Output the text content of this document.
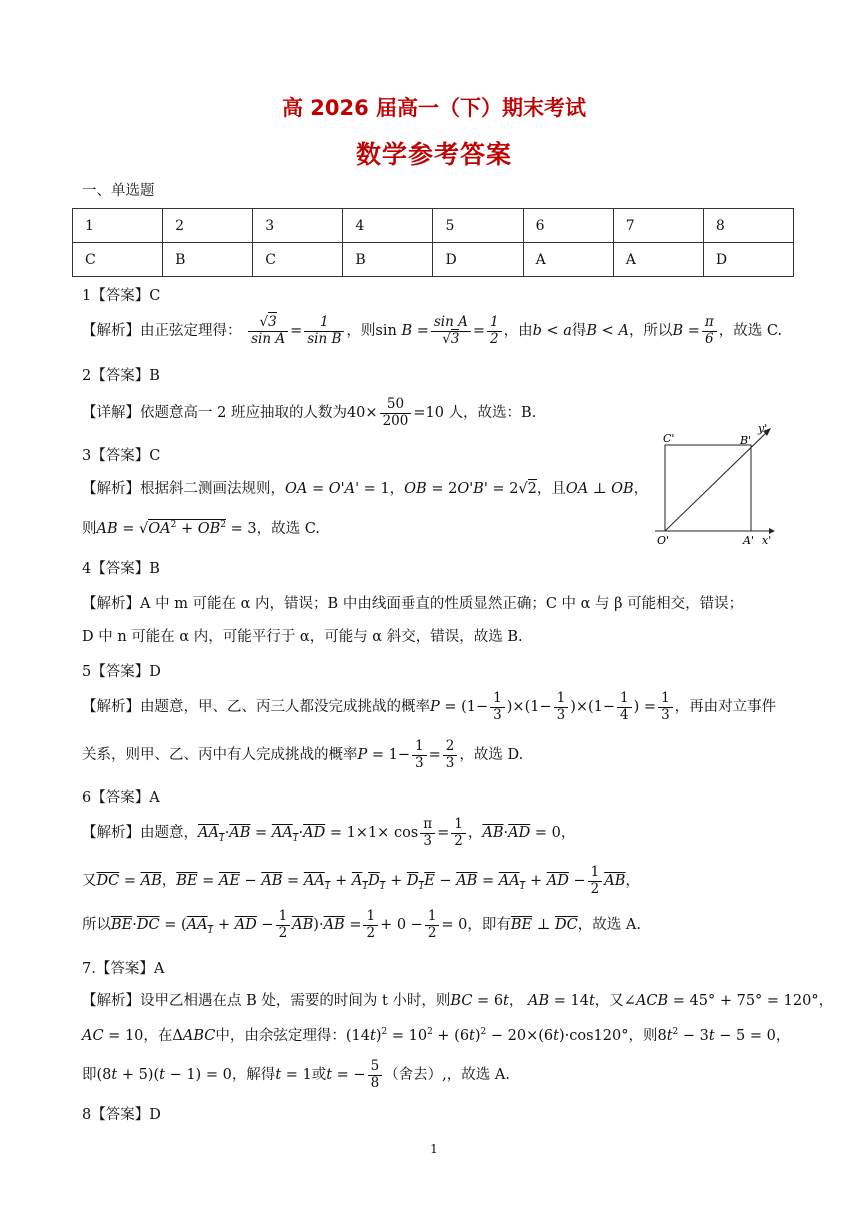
高 2026 届高一（下）期末考试
数学参考答案
一、单选题
1	2	3	4	5	6	7	8
C	B	C	B	D	A	A	D
1【答案】C
【解析】由正弦定理得： $\frac{√3}{\text{sin A}} = \frac{1}{\text{sin B}}$ ，则$\sin B = \frac{\text{sin A}}{√3} = \frac{1}{2}$ ，由b < a得B < A，所以$B = \frac{\pi}{6}$ ，故选 C.
2【答案】B
【详解】依题意高一 2 班应抽取的人数为$40\times \frac{50}{200} =10$ 人，故选：B.
3【答案】C
【解析】根据斜二测画法规则，OA = O'A' = 1，OB = 2O'B' = 2√2，且OA ⊥ OB，
则AB = $√OA^2 + OB^2 = 3$，故选 C.
C'	B'
y'
O'	A' x'
4【答案】B
【解析】A 中 m 可能在 α 内，错误；B 中由线面垂直的性质显然正确；C 中 α 与 β 可能相交，错误；
D 中 n 可能在 α 内，可能平行于 α，可能与 α 斜交，错误，故选 B.
5【答案】D
【解析】由题意，甲、乙、丙三人都没完成挑战的概率$P = (1- \frac{1}{3} )\times(1- \frac{1}{3} )\times(1- \frac{1}{4}$ ) = $\frac{1}{3}$ ，再由对立事件
关系，则甲、乙、丙中有人完成挑战的概率$P = 1- \frac{1}{3} = \frac{2}{3}$ ，故选 D.
6【答案】A
【解析】由题意，$AA_1\cdot\overline{AB} = AA_1\cdot\overline{AD} = 1\times 1\times \cos \frac{\pi}{3} = \frac{1}{2}$ ，$\overline{AB}\cdot\overline{AD} = 0$，
又$\overline{DC} = \overline{AB}$，$\overline{BE} = \overline{AE} - \overline{AB} = AA_1 + A_1D_1 + D_1E - \overline{AB} = AA_1 + \overline{AD} - \frac{1}{2} \overline{AB}$，
所以$\overline{BE}\cdot\overline{DC} = (AA_1 + \overline{AD} - \frac{1}{2} \overline{AB})\cdot\overline{AB} = \frac{1}{2} + 0 - \frac{1}{2} = 0$，即有$\overline{BE}$ ⊥ $\overline{DC}$，故选 A.
7.【答案】A
【解析】设甲乙相遇在点 B 处，需要的时间为 t 小时，则BC = 6t， AB = 14t，又∠ACB = 45° + 75° = 120°，
AC = 10，在ΔABC中，由余弦定理得：$(14t)^2 = 10^2 + (6t)^2 - 20\times(6t)\cdot\cos 120^\circ$，则$8t^2 - 3t - 5 = 0$，
即(8t + 5)(t − 1) = 0，解得t = 1或t = − $\frac{5}{8}$ （舍去）,，故选 A.
8【答案】D
1
